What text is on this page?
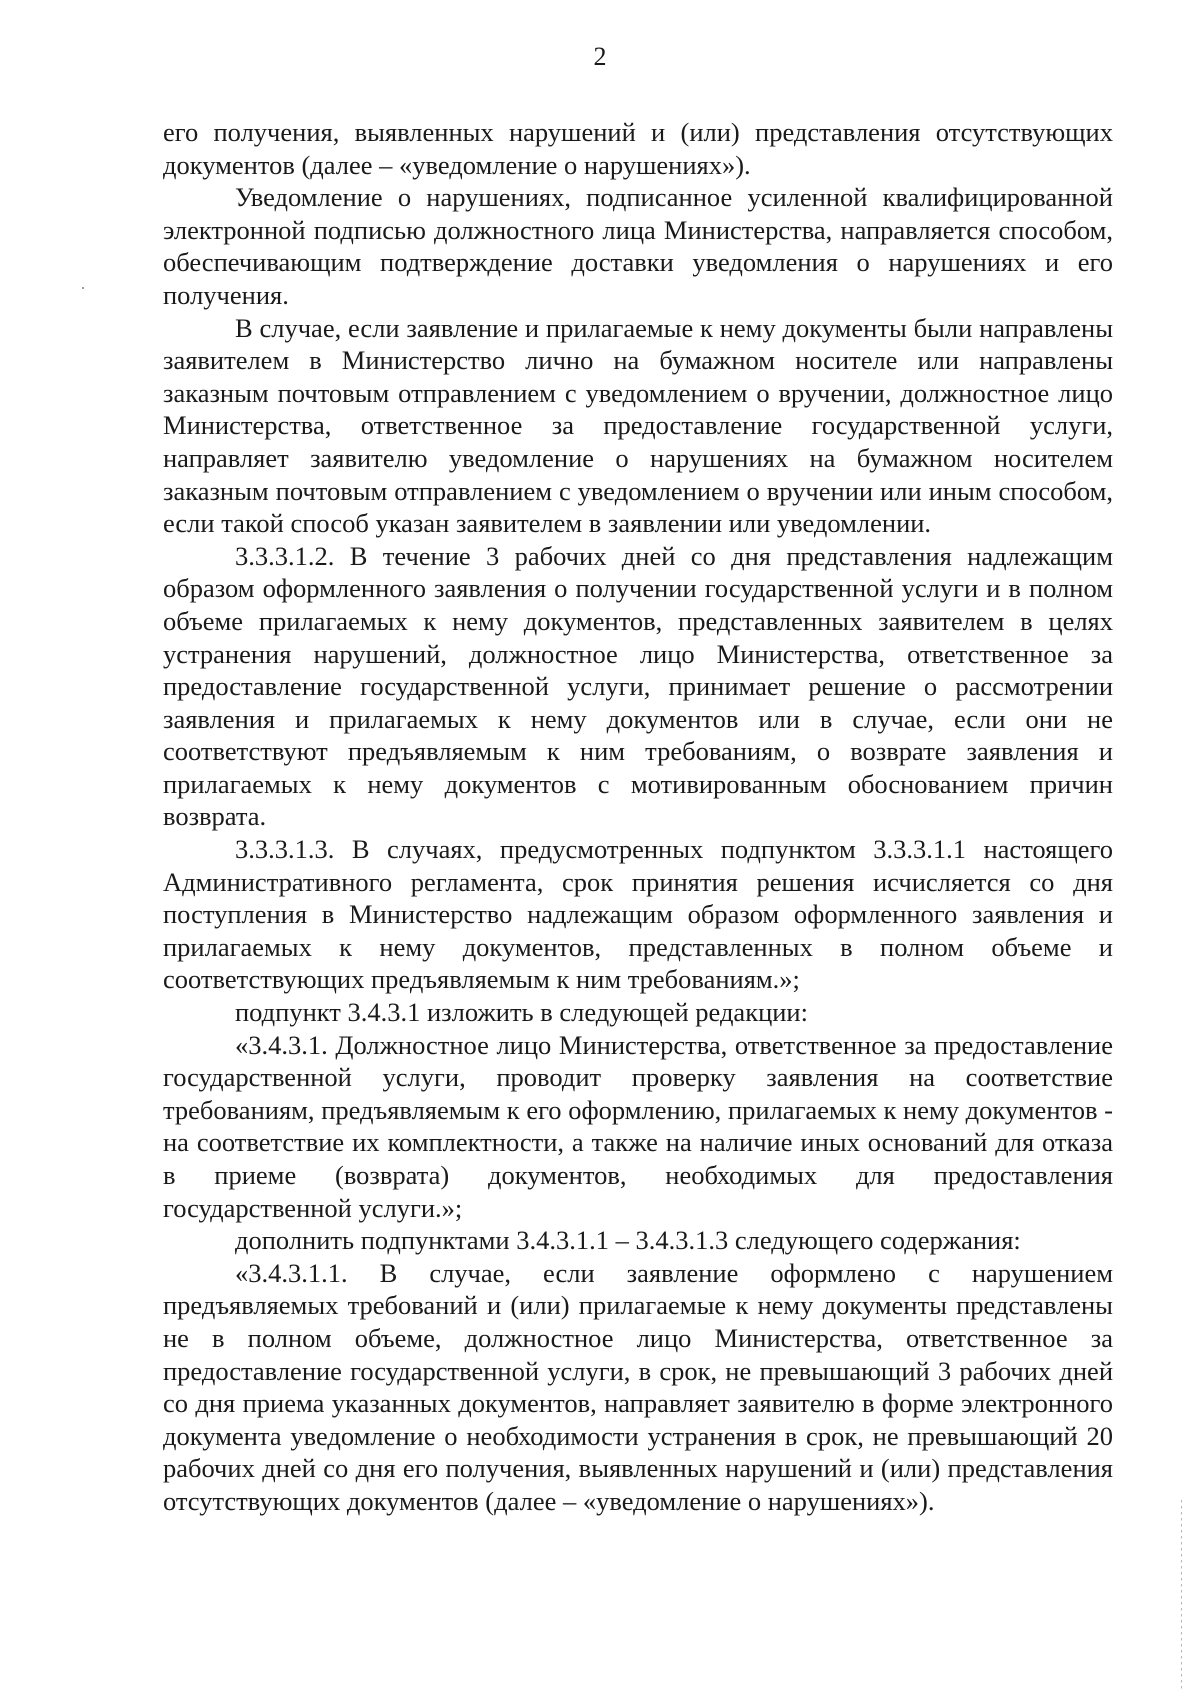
2

его получения, выявленных нарушений и (или) представления отсутствующих документов (далее – «уведомление о нарушениях»).

Уведомление о нарушениях, подписанное усиленной квалифицированной электронной подписью должностного лица Министерства, направляется способом, обеспечивающим подтверждение доставки уведомления о нарушениях и его получения.

В случае, если заявление и прилагаемые к нему документы были направлены заявителем в Министерство лично на бумажном носителе или направлены заказным почтовым отправлением с уведомлением о вручении, должностное лицо Министерства, ответственное за предоставление государственной услуги, направляет заявителю уведомление о нарушениях на бумажном носителем заказным почтовым отправлением с уведомлением о вручении или иным способом, если такой способ указан заявителем в заявлении или уведомлении.

3.3.3.1.2. В течение 3 рабочих дней со дня представления надлежащим образом оформленного заявления о получении государственной услуги и в полном объеме прилагаемых к нему документов, представленных заявителем в целях устранения нарушений, должностное лицо Министерства, ответственное за предоставление государственной услуги, принимает решение о рассмотрении заявления и прилагаемых к нему документов или в случае, если они не соответствуют предъявляемым к ним требованиям, о возврате заявления и прилагаемых к нему документов с мотивированным обоснованием причин возврата.

3.3.3.1.3. В случаях, предусмотренных подпунктом 3.3.3.1.1 настоящего Административного регламента, срок принятия решения исчисляется со дня поступления в Министерство надлежащим образом оформленного заявления и прилагаемых к нему документов, представленных в полном объеме и соответствующих предъявляемым к ним требованиям.»;

подпункт 3.4.3.1 изложить в следующей редакции:

«3.4.3.1. Должностное лицо Министерства, ответственное за предоставление государственной услуги, проводит проверку заявления на соответствие требованиям, предъявляемым к его оформлению, прилагаемых к нему документов - на соответствие их комплектности, а также на наличие иных оснований для отказа в приеме (возврата) документов, необходимых для предоставления государственной услуги.»;

дополнить подпунктами 3.4.3.1.1 – 3.4.3.1.3 следующего содержания:

«3.4.3.1.1. В случае, если заявление оформлено с нарушением предъявляемых требований и (или) прилагаемые к нему документы представлены не в полном объеме, должностное лицо Министерства, ответственное за предоставление государственной услуги, в срок, не превышающий 3 рабочих дней со дня приема указанных документов, направляет заявителю в форме электронного документа уведомление о необходимости устранения в срок, не превышающий 20 рабочих дней со дня его получения, выявленных нарушений и (или) представления отсутствующих документов (далее – «уведомление о нарушениях»).
